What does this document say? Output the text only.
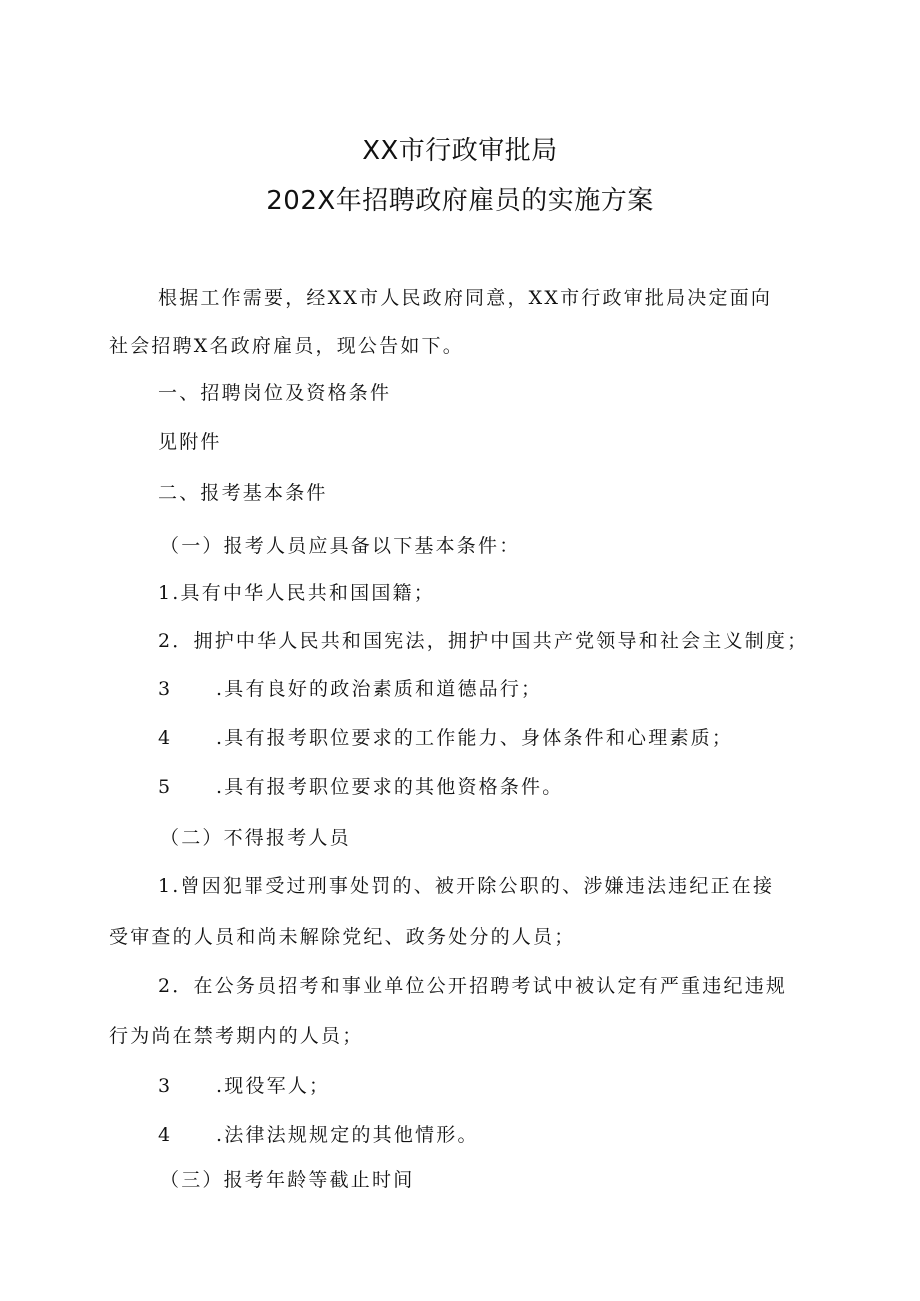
XX市行政审批局
202X年招聘政府雇员的实施方案
根据工作需要，经XX市人民政府同意，XX市行政审批局决定面向
社会招聘X名政府雇员，现公告如下。
一、招聘岗位及资格条件
见附件
二、报考基本条件
（一）报考人员应具备以下基本条件：
1.具有中华人民共和国国籍；
2．拥护中华人民共和国宪法，拥护中国共产党领导和社会主义制度；
3 .具有良好的政治素质和道德品行；
4 .具有报考职位要求的工作能力、身体条件和心理素质；
5 .具有报考职位要求的其他资格条件。
（二）不得报考人员
1.曾因犯罪受过刑事处罚的、被开除公职的、涉嫌违法违纪正在接
受审查的人员和尚未解除党纪、政务处分的人员；
2．在公务员招考和事业单位公开招聘考试中被认定有严重违纪违规
行为尚在禁考期内的人员；
3 .现役军人；
4 .法律法规规定的其他情形。
（三）报考年龄等截止时间
